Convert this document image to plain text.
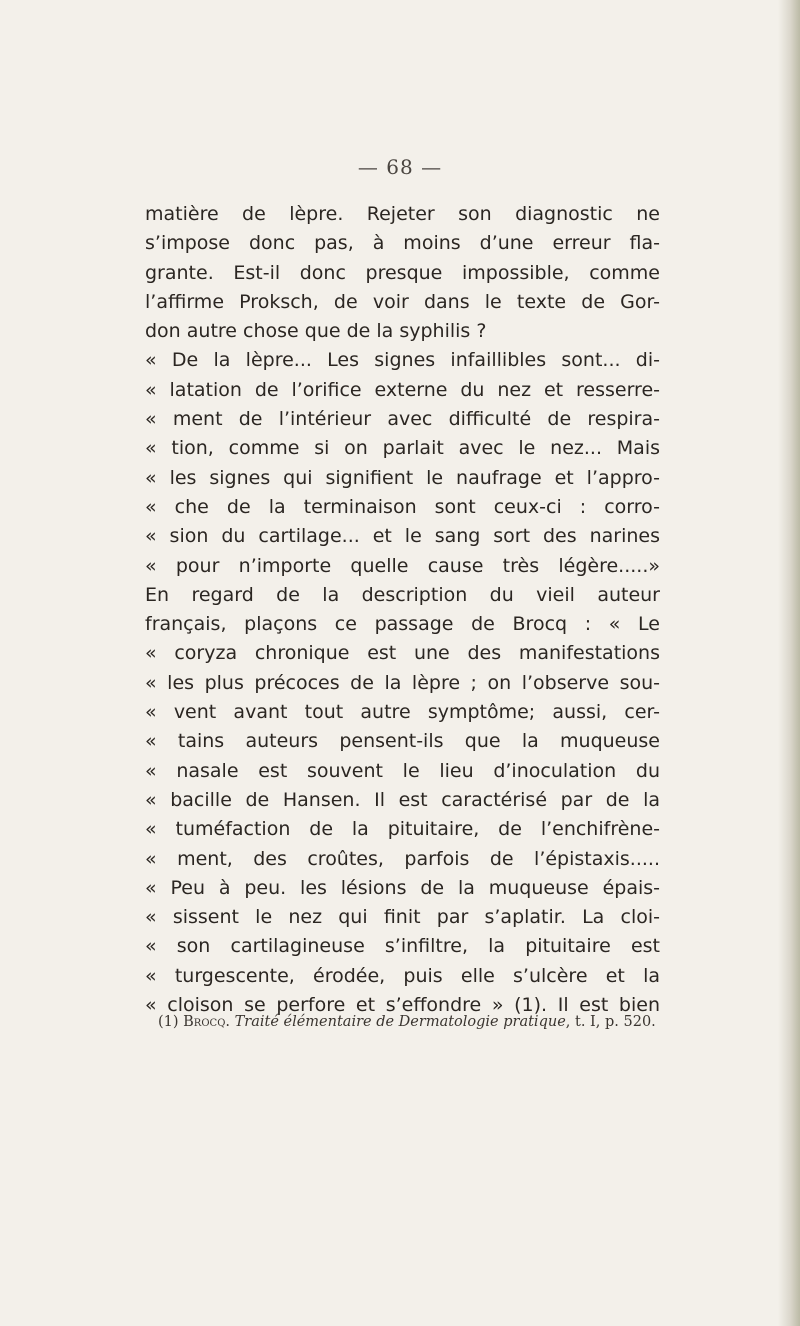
— 68 —
matière de lèpre. Rejeter son diagnostic ne
s’impose donc pas, à moins d’une erreur fla-
grante. Est-il donc presque impossible, comme
l’affirme Proksch, de voir dans le texte de Gor-
don autre chose que de la syphilis ?
« De la lèpre... Les signes infaillibles sont... di-
« latation de l’orifice externe du nez et resserre-
« ment de l’intérieur avec difficulté de respira-
« tion, comme si on parlait avec le nez... Mais
« les signes qui signifient le naufrage et l’appro-
« che de la terminaison sont ceux-ci : corro-
« sion du cartilage... et le sang sort des narines
« pour n’importe quelle cause très légère.....»
En regard de la description du vieil auteur
français, plaçons ce passage de Brocq : « Le
« coryza chronique est une des manifestations
« les plus précoces de la lèpre ; on l’observe sou-
« vent avant tout autre symptôme; aussi, cer-
« tains auteurs pensent-ils que la muqueuse
« nasale est souvent le lieu d’inoculation du
« bacille de Hansen. Il est caractérisé par de la
« tuméfaction de la pituitaire, de l’enchifrène-
« ment, des croûtes, parfois de l’épistaxis.....
« Peu à peu. les lésions de la muqueuse épais-
« sissent le nez qui finit par s’aplatir. La cloi-
« son cartilagineuse s’infiltre, la pituitaire est
« turgescente, érodée, puis elle s’ulcère et la
« cloison se perfore et s’effondre » (1). Il est bien
(1) Brocq. Traité élémentaire de Dermatologie pratique, t. I, p. 520.
